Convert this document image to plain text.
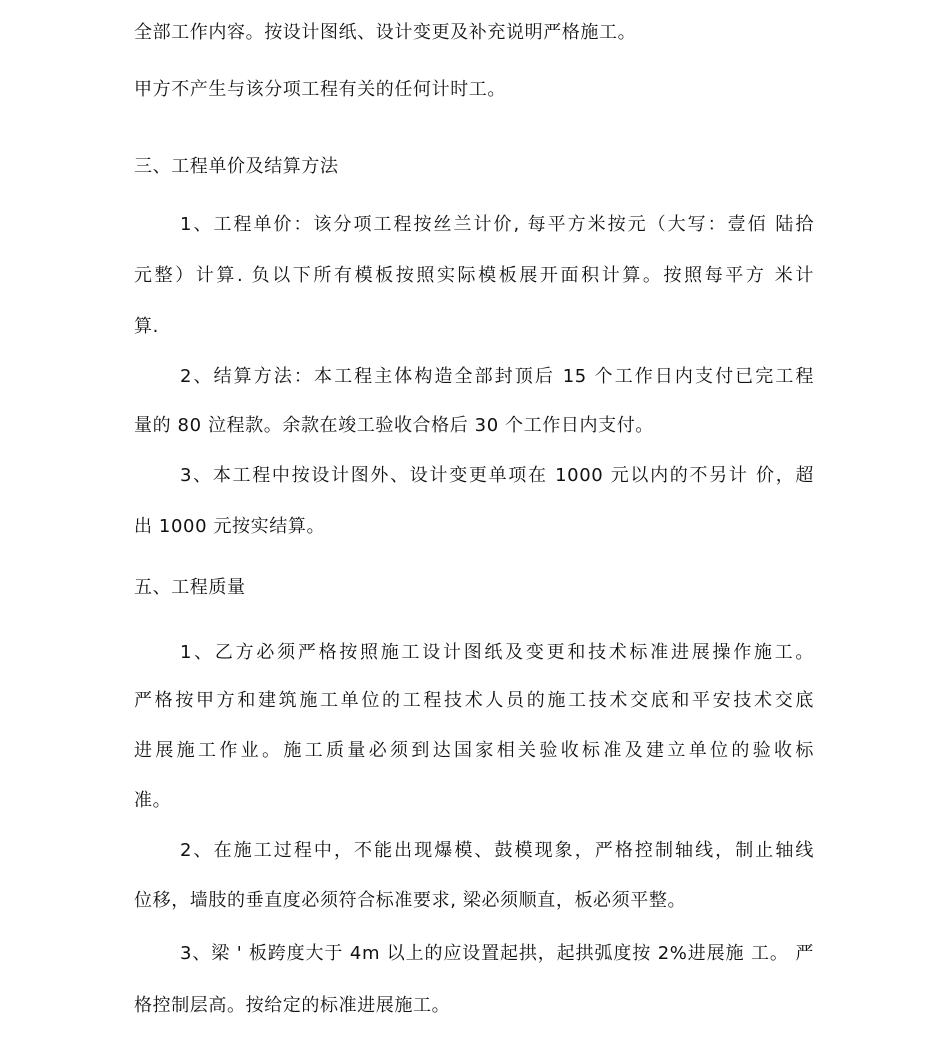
全部工作内容。按设计图纸、设计变更及补充说明严格施工。
甲方不产生与该分项工程有关的任何计时工。
三、工程单价及结算方法
1、工程单价：该分项工程按丝兰计价, 每平方米按元（大写：壹佰 陆拾
元整）计算. 负以下所有模板按照实际模板展开面积计算。按照每平方 米计
算.
2、结算方法：本工程主体构造全部封顶后 15 个工作日内支付已完工程
量的 80 泣程款。余款在竣工验收合格后 30 个工作日内支付。
3、本工程中按设计图外、设计变更单项在 1000 元以内的不另计 价，超
出 1000 元按实结算。
五、工程质量
1、乙方必须严格按照施工设计图纸及变更和技术标准进展操作施工。
严格按甲方和建筑施工单位的工程技术人员的施工技术交底和平安技术交底
进展施工作业。施工质量必须到达国家相关验收标准及建立单位的验收标
准。
2、在施工过程中，不能出现爆模、鼓模现象，严格控制轴线，制止轴线
位移，墙肢的垂直度必须符合标准要求, 梁必须顺直，板必须平整。
3、梁 ' 板跨度大于 4m 以上的应设置起拱，起拱弧度按 2%进展施 工。 严
格控制层高。按给定的标准进展施工。
